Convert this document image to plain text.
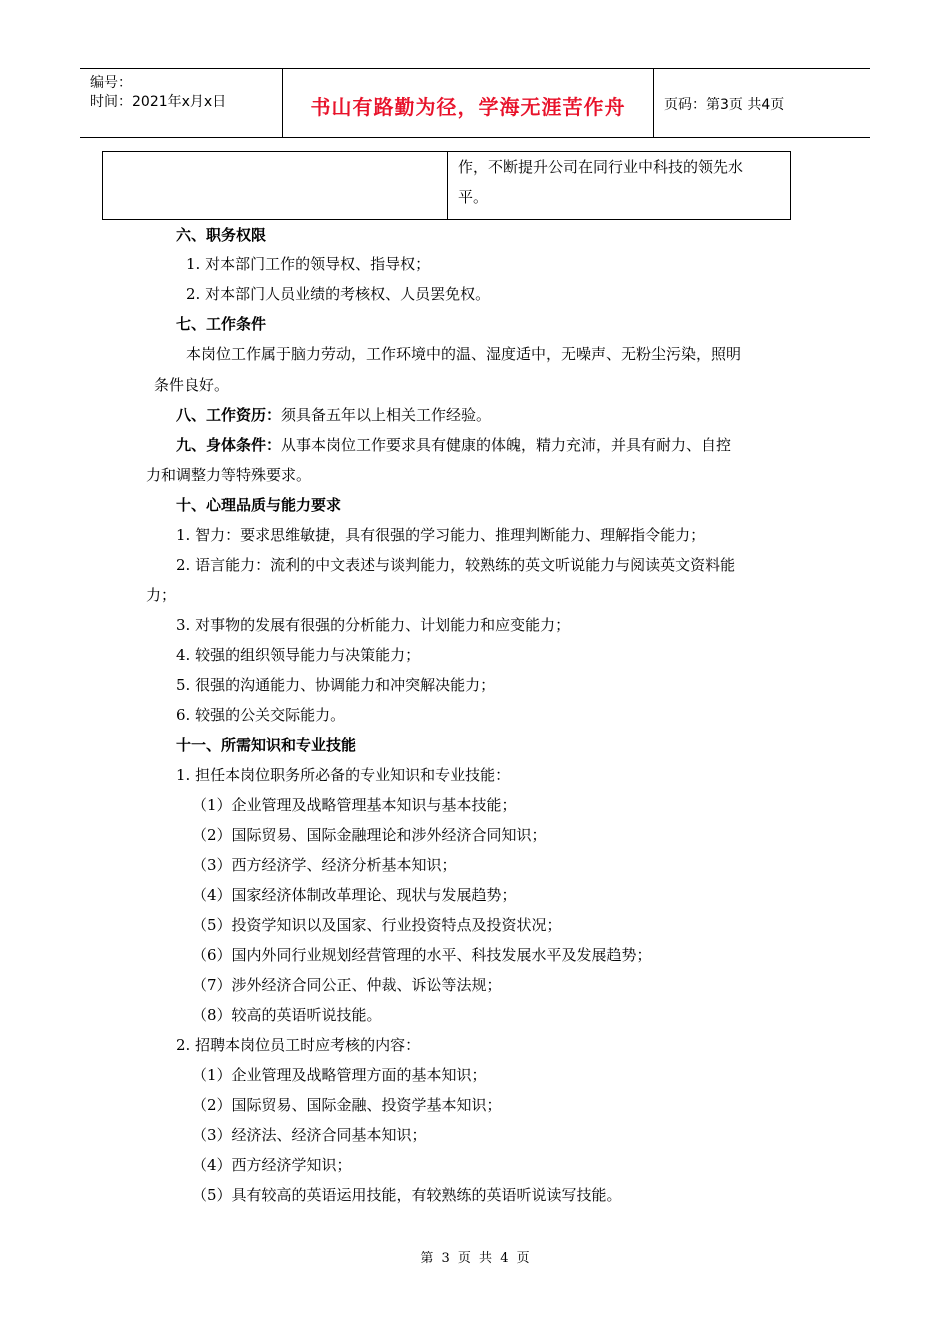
编号：
时间：2021年x月x日	书山有路勤为径，学海无涯苦作舟	页码：第3页 共4页
作，不断提升公司在同行业中科技的领先水
平。
六、职务权限
1. 对本部门工作的领导权、指导权；
2. 对本部门人员业绩的考核权、人员罢免权。
七、工作条件
本岗位工作属于脑力劳动，工作环境中的温、湿度适中，无噪声、无粉尘污染，照明
条件良好。
八、工作资历：须具备五年以上相关工作经验。
九、身体条件：从事本岗位工作要求具有健康的体魄，精力充沛，并具有耐力、自控
力和调整力等特殊要求。
十、心理品质与能力要求
1. 智力：要求思维敏捷，具有很强的学习能力、推理判断能力、理解指令能力；
2. 语言能力：流利的中文表述与谈判能力，较熟练的英文听说能力与阅读英文资料能
力；
3. 对事物的发展有很强的分析能力、计划能力和应变能力；
4. 较强的组织领导能力与决策能力；
5. 很强的沟通能力、协调能力和冲突解决能力；
6. 较强的公关交际能力。
十一、所需知识和专业技能
1. 担任本岗位职务所必备的专业知识和专业技能：
（1）企业管理及战略管理基本知识与基本技能；
（2）国际贸易、国际金融理论和涉外经济合同知识；
（3）西方经济学、经济分析基本知识；
（4）国家经济体制改革理论、现状与发展趋势；
（5）投资学知识以及国家、行业投资特点及投资状况；
（6）国内外同行业规划经营管理的水平、科技发展水平及发展趋势；
（7）涉外经济合同公正、仲裁、诉讼等法规；
（8）较高的英语听说技能。
2. 招聘本岗位员工时应考核的内容：
（1）企业管理及战略管理方面的基本知识；
（2）国际贸易、国际金融、投资学基本知识；
（3）经济法、经济合同基本知识；
（4）西方经济学知识；
（5）具有较高的英语运用技能，有较熟练的英语听说读写技能。
第 3 页 共 4 页
